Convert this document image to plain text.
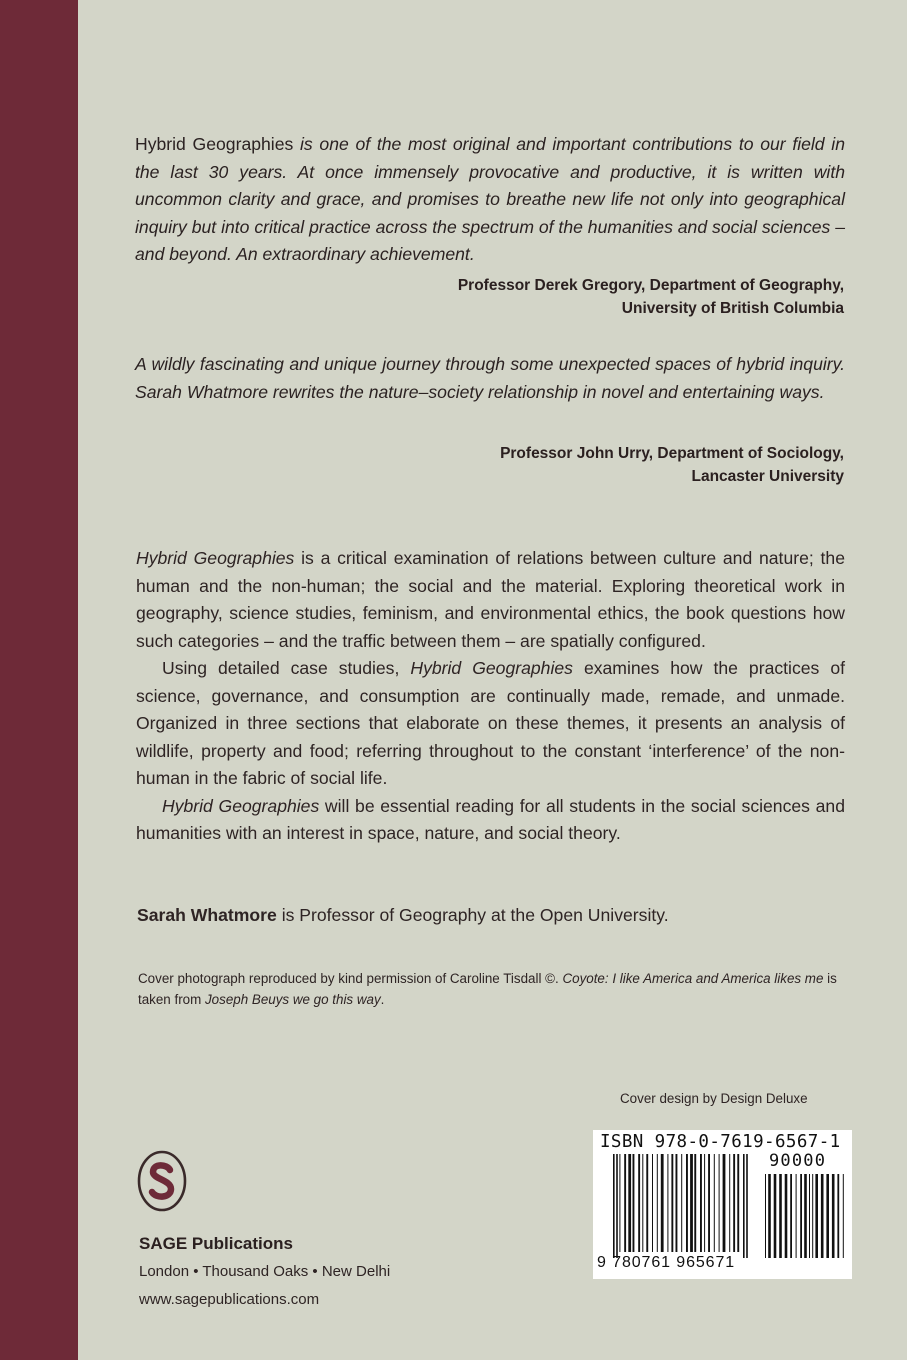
Hybrid Geographies is one of the most original and important contributions to our field in the last 30 years. At once immensely provocative and productive, it is written with uncommon clarity and grace, and promises to breathe new life not only into geographical inquiry but into critical practice across the spectrum of the humanities and social sciences – and beyond. An extraordinary achievement.
Professor Derek Gregory, Department of Geography,
University of British Columbia
A wildly fascinating and unique journey through some unexpected spaces of hybrid inquiry. Sarah Whatmore rewrites the nature–society relationship in novel and entertaining ways.
Professor John Urry, Department of Sociology,
Lancaster University

Hybrid Geographies is a critical examination of relations between culture and nature; the human and the non-human; the social and the material. Exploring theoretical work in geography, science studies, feminism, and environmental ethics, the book questions how such categories – and the traffic between them – are spatially configured.

Using detailed case studies, Hybrid Geographies examines how the practices of science, governance, and consumption are continually made, remade, and unmade. Organized in three sections that elaborate on these themes, it presents an analysis of wildlife, property and food; referring throughout to the constant ‘interference’ of the non-human in the fabric of social life.

Hybrid Geographies will be essential reading for all students in the social sciences and humanities with an interest in space, nature, and social theory.

Sarah Whatmore is Professor of Geography at the Open University.
Cover photograph reproduced by kind permission of Caroline Tisdall ©. Coyote: I like America and America likes me is taken from Joseph Beuys we go this way.
Cover design by Design Deluxe
SAGE Publications
London • Thousand Oaks • New Delhi
www.sagepublications.com
ISBN 978-0-7619-6567-1
90000
9 780761 965671
